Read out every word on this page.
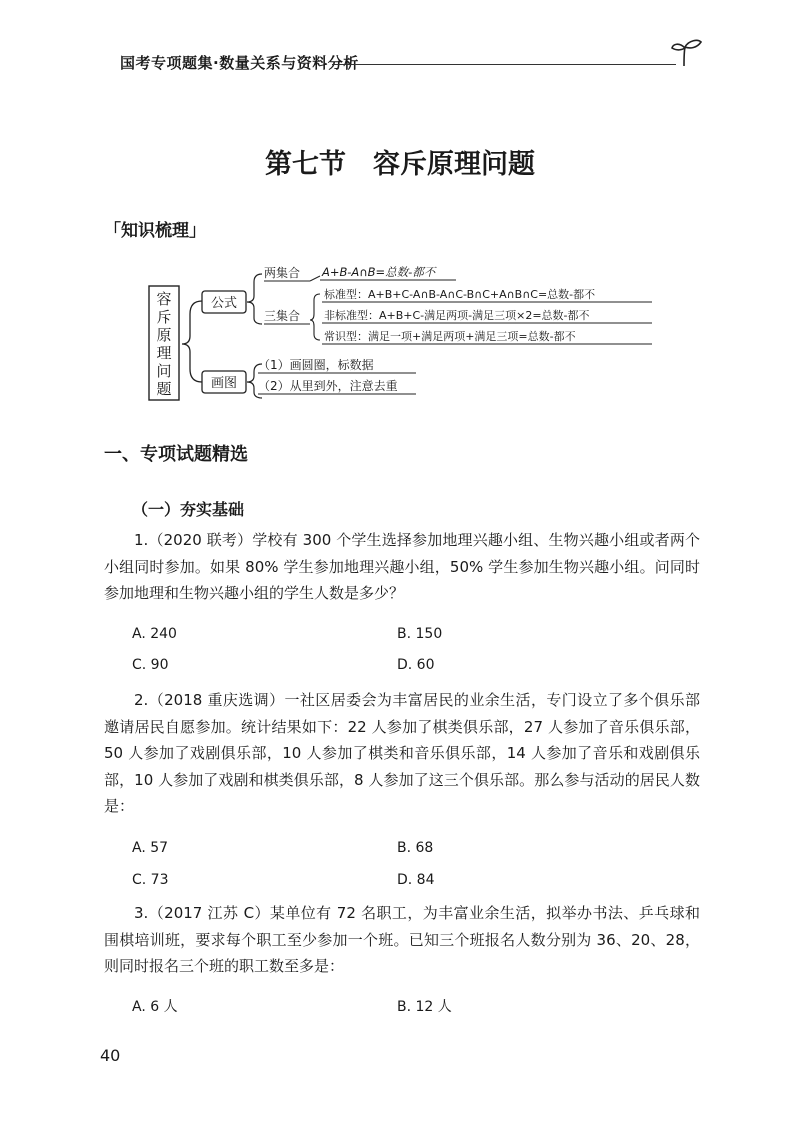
国考专项题集·数量关系与资料分析
第七节　容斥原理问题
「知识梳理」
容
斥
原
理
问
题
公式
画图
两集合 A+B-A∩B=总数-都不
三集合
标准型：A+B+C-A∩B-A∩C-B∩C+A∩B∩C=总数-都不
非标准型：A+B+C-满足两项-满足三项×2=总数-都不
常识型：满足一项+满足两项+满足三项=总数-都不
（1）画圆圈，标数据
（2）从里到外，注意去重
一、专项试题精选
（一）夯实基础
1.（2020 联考）学校有 300 个学生选择参加地理兴趣小组、生物兴趣小组或者两个小组同时参加。如果 80% 学生参加地理兴趣小组，50% 学生参加生物兴趣小组。问同时参加地理和生物兴趣小组的学生人数是多少？
A. 240	B. 150
C. 90	D. 60
2.（2018 重庆选调）一社区居委会为丰富居民的业余生活，专门设立了多个俱乐部邀请居民自愿参加。统计结果如下：22 人参加了棋类俱乐部，27 人参加了音乐俱乐部，50 人参加了戏剧俱乐部，10 人参加了棋类和音乐俱乐部，14 人参加了音乐和戏剧俱乐部，10 人参加了戏剧和棋类俱乐部，8 人参加了这三个俱乐部。那么参与活动的居民人数是：
A. 57	B. 68
C. 73	D. 84
3.（2017 江苏 C）某单位有 72 名职工，为丰富业余生活，拟举办书法、乒乓球和围棋培训班，要求每个职工至少参加一个班。已知三个班报名人数分别为 36、20、28，则同时报名三个班的职工数至多是：
A. 6 人	B. 12 人
40
